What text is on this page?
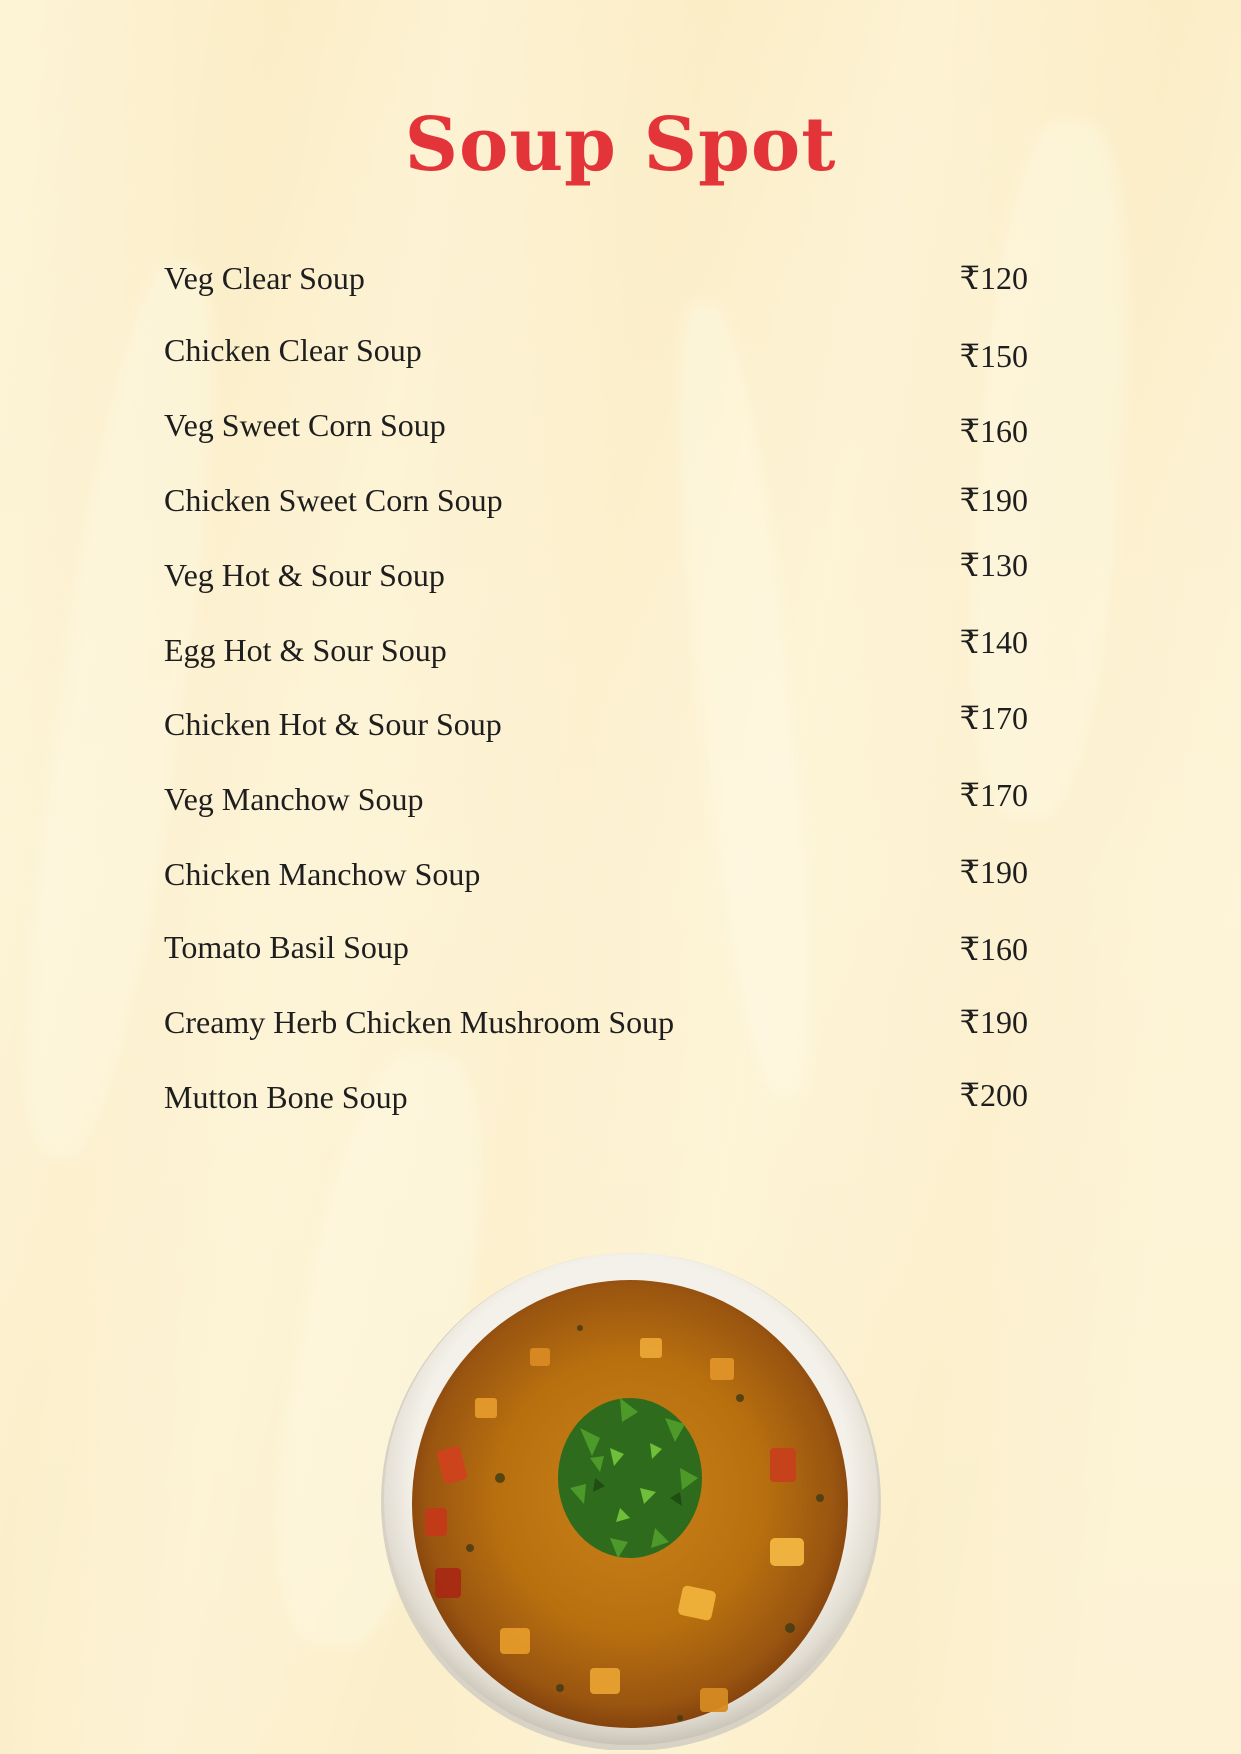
Soup Spot
Veg Clear Soup	₹120
Chicken Clear Soup	₹150
Veg Sweet Corn Soup	₹160
Chicken Sweet Corn Soup	₹190
Veg Hot & Sour Soup	₹130
Egg Hot & Sour Soup	₹140
Chicken Hot & Sour Soup	₹170
Veg Manchow Soup	₹170
Chicken Manchow Soup	₹190
Tomato Basil Soup	₹160
Creamy Herb Chicken Mushroom Soup	₹190
Mutton Bone Soup	₹200
